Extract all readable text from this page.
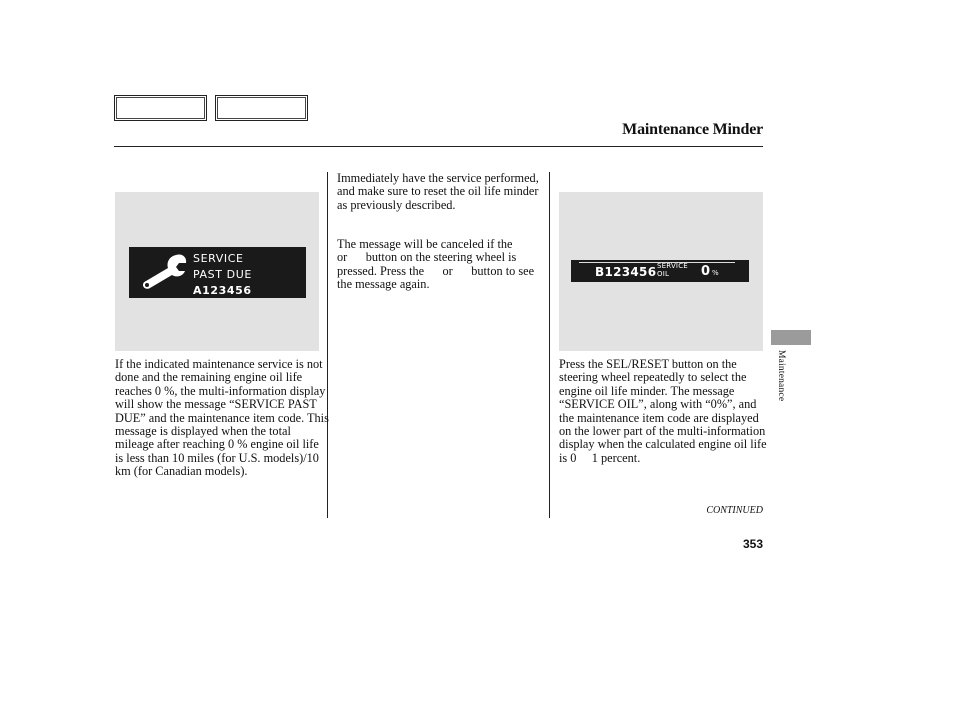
Maintenance Minder
SERVICE
PAST DUE
A123456
B123456 SERVICE
OIL 0 %

If the indicated maintenance service is not done and the remaining engine oil life reaches 0 %, the multi-information display will show the message “SERVICE PAST DUE” and the maintenance item code. This message is displayed when the total mileage after reaching 0 % engine oil life is less than 10 miles (for U.S. models)/10 km (for Canadian models).

Immediately have the service performed, and make sure to reset the oil life minder as previously described.

The message will be canceled if the      or      button on the steering wheel is pressed. Press the      or      button to see the message again.

Press the SEL/RESET button on the steering wheel repeatedly to select the engine oil life minder. The message “SERVICE OIL”, along with “0%”, and the maintenance item code are displayed on the lower part of the multi-information display when the calculated engine oil life is 0     1 percent.

CONTINUED
353
Maintenance
